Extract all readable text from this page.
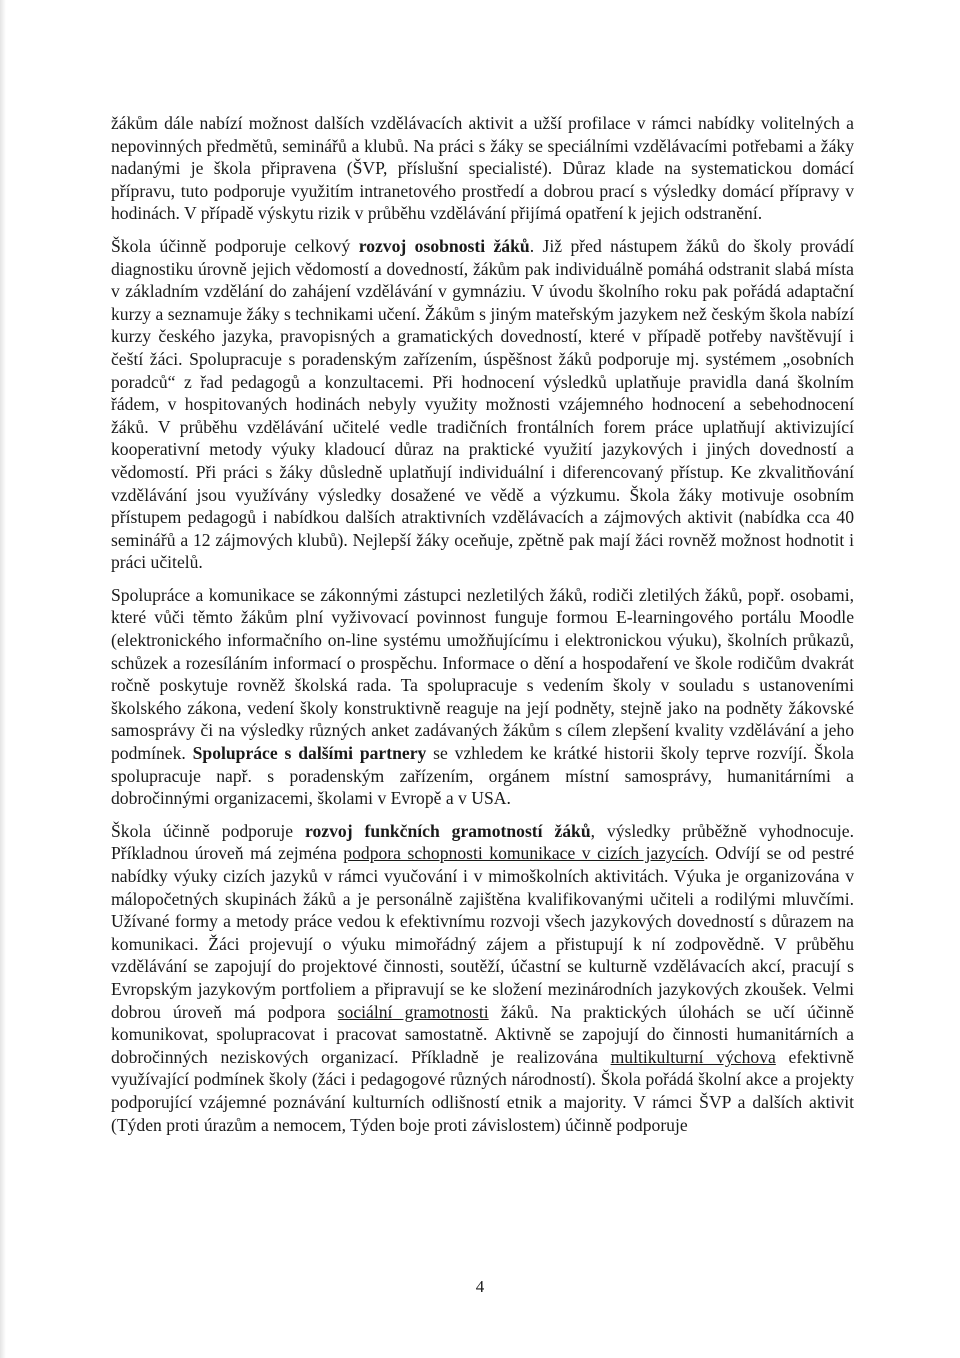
žákům dále nabízí možnost dalších vzdělávacích aktivit a užší profilace v rámci nabídky volitelných a nepovinných předmětů, seminářů a klubů. Na práci s žáky se speciálními vzdělávacími potřebami a žáky nadanými je škola připravena (ŠVP, příslušní specialisté). Důraz klade na systematickou domácí přípravu, tuto podporuje využitím intranetového prostředí a dobrou prací s výsledky domácí přípravy v hodinách. V případě výskytu rizik v průběhu vzdělávání přijímá opatření k jejich odstranění.

Škola účinně podporuje celkový rozvoj osobnosti žáků. Již před nástupem žáků do školy provádí diagnostiku úrovně jejich vědomostí a dovedností, žákům pak individuálně pomáhá odstranit slabá místa v základním vzdělání do zahájení vzdělávání v gymnáziu. V úvodu školního roku pak pořádá adaptační kurzy a seznamuje žáky s technikami učení. Žákům s jiným mateřským jazykem než českým škola nabízí kurzy českého jazyka, pravopisných a gramatických dovedností, které v případě potřeby navštěvují i čeští žáci. Spolupracuje s poradenským zařízením, úspěšnost žáků podporuje mj. systémem „osobních poradců“ z řad pedagogů a konzultacemi. Při hodnocení výsledků uplatňuje pravidla daná školním řádem, v hospitovaných hodinách nebyly využity možnosti vzájemného hodnocení a sebehodnocení žáků. V průběhu vzdělávání učitelé vedle tradičních frontálních forem práce uplatňují aktivizující kooperativní metody výuky kladoucí důraz na praktické využití jazykových i jiných dovedností a vědomostí. Při práci s žáky důsledně uplatňují individuální i diferencovaný přístup. Ke zkvalitňování vzdělávání jsou využívány výsledky dosažené ve vědě a výzkumu. Škola žáky motivuje osobním přístupem pedagogů i nabídkou dalších atraktivních vzdělávacích a zájmových aktivit (nabídka cca 40 seminářů a 12 zájmových klubů). Nejlepší žáky oceňuje, zpětně pak mají žáci rovněž možnost hodnotit i práci učitelů.

Spolupráce a komunikace se zákonnými zástupci nezletilých žáků, rodiči zletilých žáků, popř. osobami, které vůči těmto žákům plní vyživovací povinnost funguje formou E-learningového portálu Moodle (elektronického informačního on-line systému umožňujícímu i elektronickou výuku), školních průkazů, schůzek a rozesíláním informací o prospěchu. Informace o dění a hospodaření ve škole rodičům dvakrát ročně poskytuje rovněž školská rada. Ta spolupracuje s vedením školy v souladu s ustanoveními školského zákona, vedení školy konstruktivně reaguje na její podněty, stejně jako na podněty žákovské samosprávy či na výsledky různých anket zadávaných žákům s cílem zlepšení kvality vzdělávání a jeho podmínek. Spolupráce s dalšími partnery se vzhledem ke krátké historii školy teprve rozvíjí. Škola spolupracuje např. s poradenským zařízením, orgánem místní samosprávy, humanitárními a dobročinnými organizacemi, školami v Evropě a v USA.

Škola účinně podporuje rozvoj funkčních gramotností žáků, výsledky průběžně vyhodnocuje. Příkladnou úroveň má zejména podpora schopnosti komunikace v cizích jazycích. Odvíjí se od pestré nabídky výuky cizích jazyků v rámci vyučování i v mimoškolních aktivitách. Výuka je organizována v málopočetných skupinách žáků a je personálně zajištěna kvalifikovanými učiteli a rodilými mluvčími. Užívané formy a metody práce vedou k efektivnímu rozvoji všech jazykových dovedností s důrazem na komunikaci. Žáci projevují o výuku mimořádný zájem a přistupují k ní zodpovědně. V průběhu vzdělávání se zapojují do projektové činnosti, soutěží, účastní se kulturně vzdělávacích akcí, pracují s Evropským jazykovým portfoliem a připravují se ke složení mezinárodních jazykových zkoušek. Velmi dobrou úroveň má podpora sociální gramotnosti žáků. Na praktických úlohách se učí účinně komunikovat, spolupracovat i pracovat samostatně. Aktivně se zapojují do činnosti humanitárních a dobročinných neziskových organizací. Příkladně je realizována multikulturní výchova efektivně využívající podmínek školy (žáci i pedagogové různých národností). Škola pořádá školní akce a projekty podporující vzájemné poznávání kulturních odlišností etnik a majority. V rámci ŠVP a dalších aktivit (Týden proti úrazům a nemocem, Týden boje proti závislostem) účinně podporuje

4
